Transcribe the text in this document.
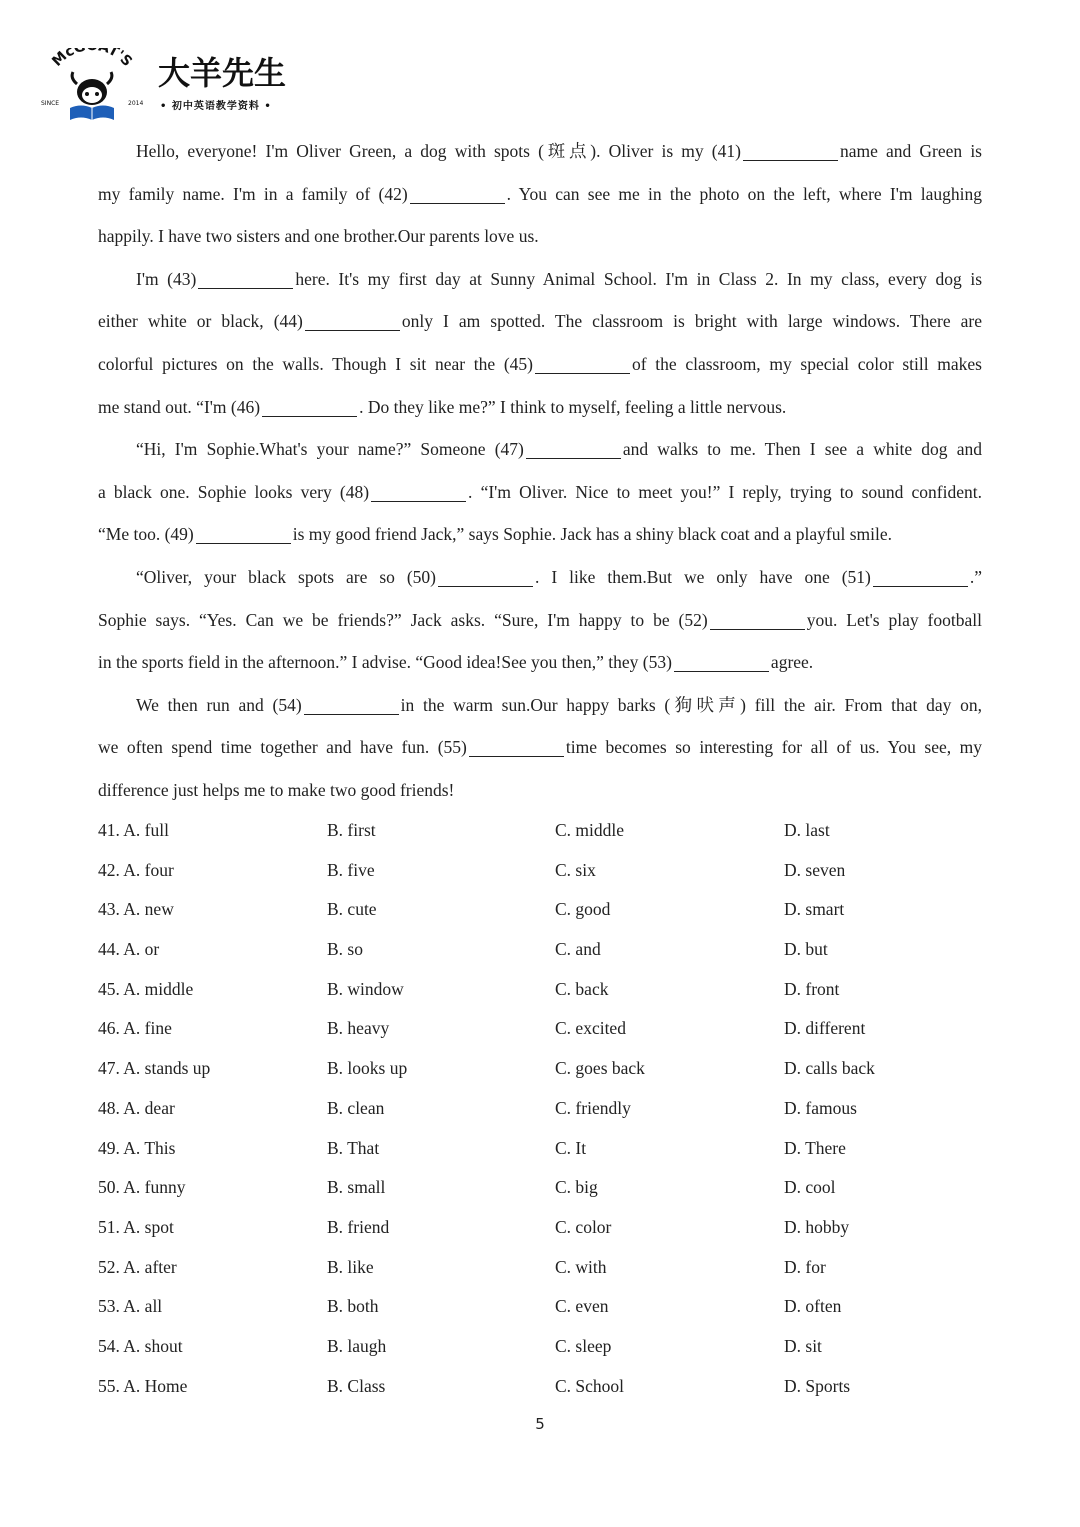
Mc T'S
SINCE	2014
大羊先生
• 初中英语教学资料 •
Hello, everyone! I'm Oliver Green, a dog with spots (斑点). Oliver is my (41)	name and Green is
my family name. I'm in a family of (42)	. You can see me in the photo on the left, where I'm laughing
happily. I have two sisters and one brother.Our parents love us.
I'm (43)	here. It's my first day at Sunny Animal School. I'm in Class 2. In my class, every dog is
either white or black, (44)	only I am spotted. The classroom is bright with large windows. There are
colorful pictures on the walls. Though I sit near the (45)	of the classroom, my special color still makes
me stand out. “I'm (46)	. Do they like me?” I think to myself, feeling a little nervous.
“Hi, I'm Sophie.What's your name?” Someone (47)	and walks to me. Then I see a white dog and
a black one. Sophie looks very (48)	. “I'm Oliver. Nice to meet you!” I reply, trying to sound confident.
“Me too. (49)	is my good friend Jack,” says Sophie. Jack has a shiny black coat and a playful smile.
“Oliver, your black spots are so (50)	. I like them.But we only have one (51)	.”
Sophie says. “Yes. Can we be friends?” Jack asks. “Sure, I'm happy to be (52)	you. Let's play football
in the sports field in the afternoon.” I advise. “Good idea!See you then,” they (53)	agree.
We then run and (54)	in the warm sun.Our happy barks (狗吠声) fill the air. From that day on,
we often spend time together and have fun. (55)	time becomes so interesting for all of us. You see, my
difference just helps me to make two good friends!
41. A. full	B. first	C. middle	D. last
42. A. four	B. five	C. six	D. seven
43. A. new	B. cute	C. good	D. smart
44. A. or	B. so	C. and	D. but
45. A. middle	B. window	C. back	D. front
46. A. fine	B. heavy	C. excited	D. different
47. A. stands up	B. looks up	C. goes back	D. calls back
48. A. dear	B. clean	C. friendly	D. famous
49. A. This	B. That	C. It	D. There
50. A. funny	B. small	C. big	D. cool
51. A. spot	B. friend	C. color	D. hobby
52. A. after	B. like	C. with	D. for
53. A. all	B. both	C. even	D. often
54. A. shout	B. laugh	C. sleep	D. sit
55. A. Home	B. Class	C. School	D. Sports
5
